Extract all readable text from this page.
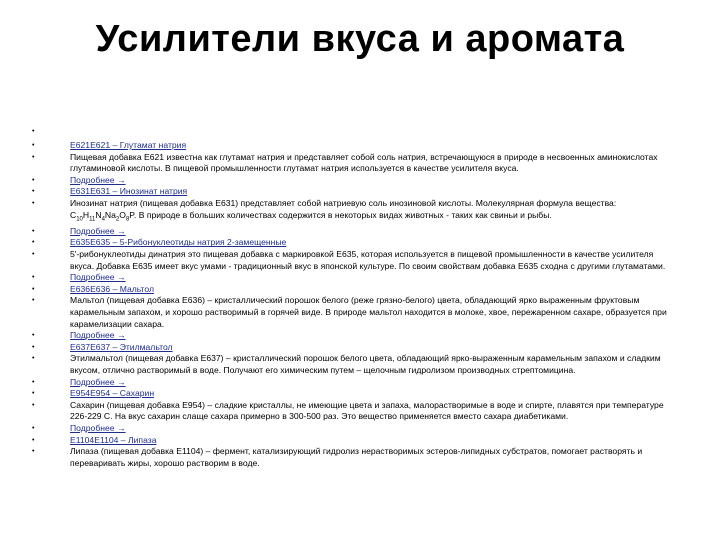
Усилители вкуса и аромата
•
•	E621E621 – Глутамат натрия
•	Пищевая добавка E621 известна как глутамат натрия и представляет собой соль натрия, встречающуюся в природе в несвоенных аминокислотах глутаминовой кислоты. В пищевой промышленности глутамат натрия используется в качестве усилителя вкуса.
•	Подробнее →
•	E631E631 – Инозинат натрия
•	Инозинат натрия (пищевая добавка E631) представляет собой натриевую соль инозиновой кислоты. Молекулярная формула вещества: $C_{10}H_{11}N_4Na_2O_8P$. В природе в больших количествах содержится в некоторых видах животных - таких как свиньи и рыбы.
•	Подробнее →
•	E635E635 – 5-Рибонуклеотиды натрия 2-замещенные
•	5'-рибонуклеотиды динатрия это пищевая добавка с маркировкой E635, которая используется в пищевой промышленности в качестве усилителя вкуса. Добавка E635 имеет вкус умами - традиционный вкус в японской культуре. По своим свойствам добавка E635 сходна с другими глутаматами.
•	Подробнее →
•	E636E636 – Мальтол
•	Мальтол (пищевая добавка E636) – кристаллический порошок белого (реже грязно-белого) цвета, обладающий ярко выраженным фруктовым карамельным запахом, и хорошо растворимый в горячей виде. В природе мальтол находится в молоке, хвое, пережаренном сахаре, образуется при карамелизации сахара.
•	Подробнее →
•	E637E637 – Этилмальтол
•	Этилмальтол (пищевая добавка E637) – кристаллический порошок белого цвета, обладающий ярко-выраженным карамельным запахом и сладким вкусом, отлично растворимый в воде. Получают его химическим путем – щелочным гидролизом производных стрептомицина.
•	Подробнее →
•	E954E954 – Сахарин
•	Сахарин (пищевая добавка E954) – сладкие кристаллы, не имеющие цвета и запаха, малорастворимые в воде и спирте, плавятся при температуре 226-229 С. На вкус сахарин слаще сахара примерно в 300-500 раз. Это вещество применяется вместо сахара диабетиками.
•	Подробнее →
•	E1104E1104 – Липаза
•	Липаза (пищевая добавка E1104) – фермент, катализирующий гидролиз нерастворимых эстеров-липидных субстратов, помогает растворять и переваривать жиры, хорошо растворим в воде.
